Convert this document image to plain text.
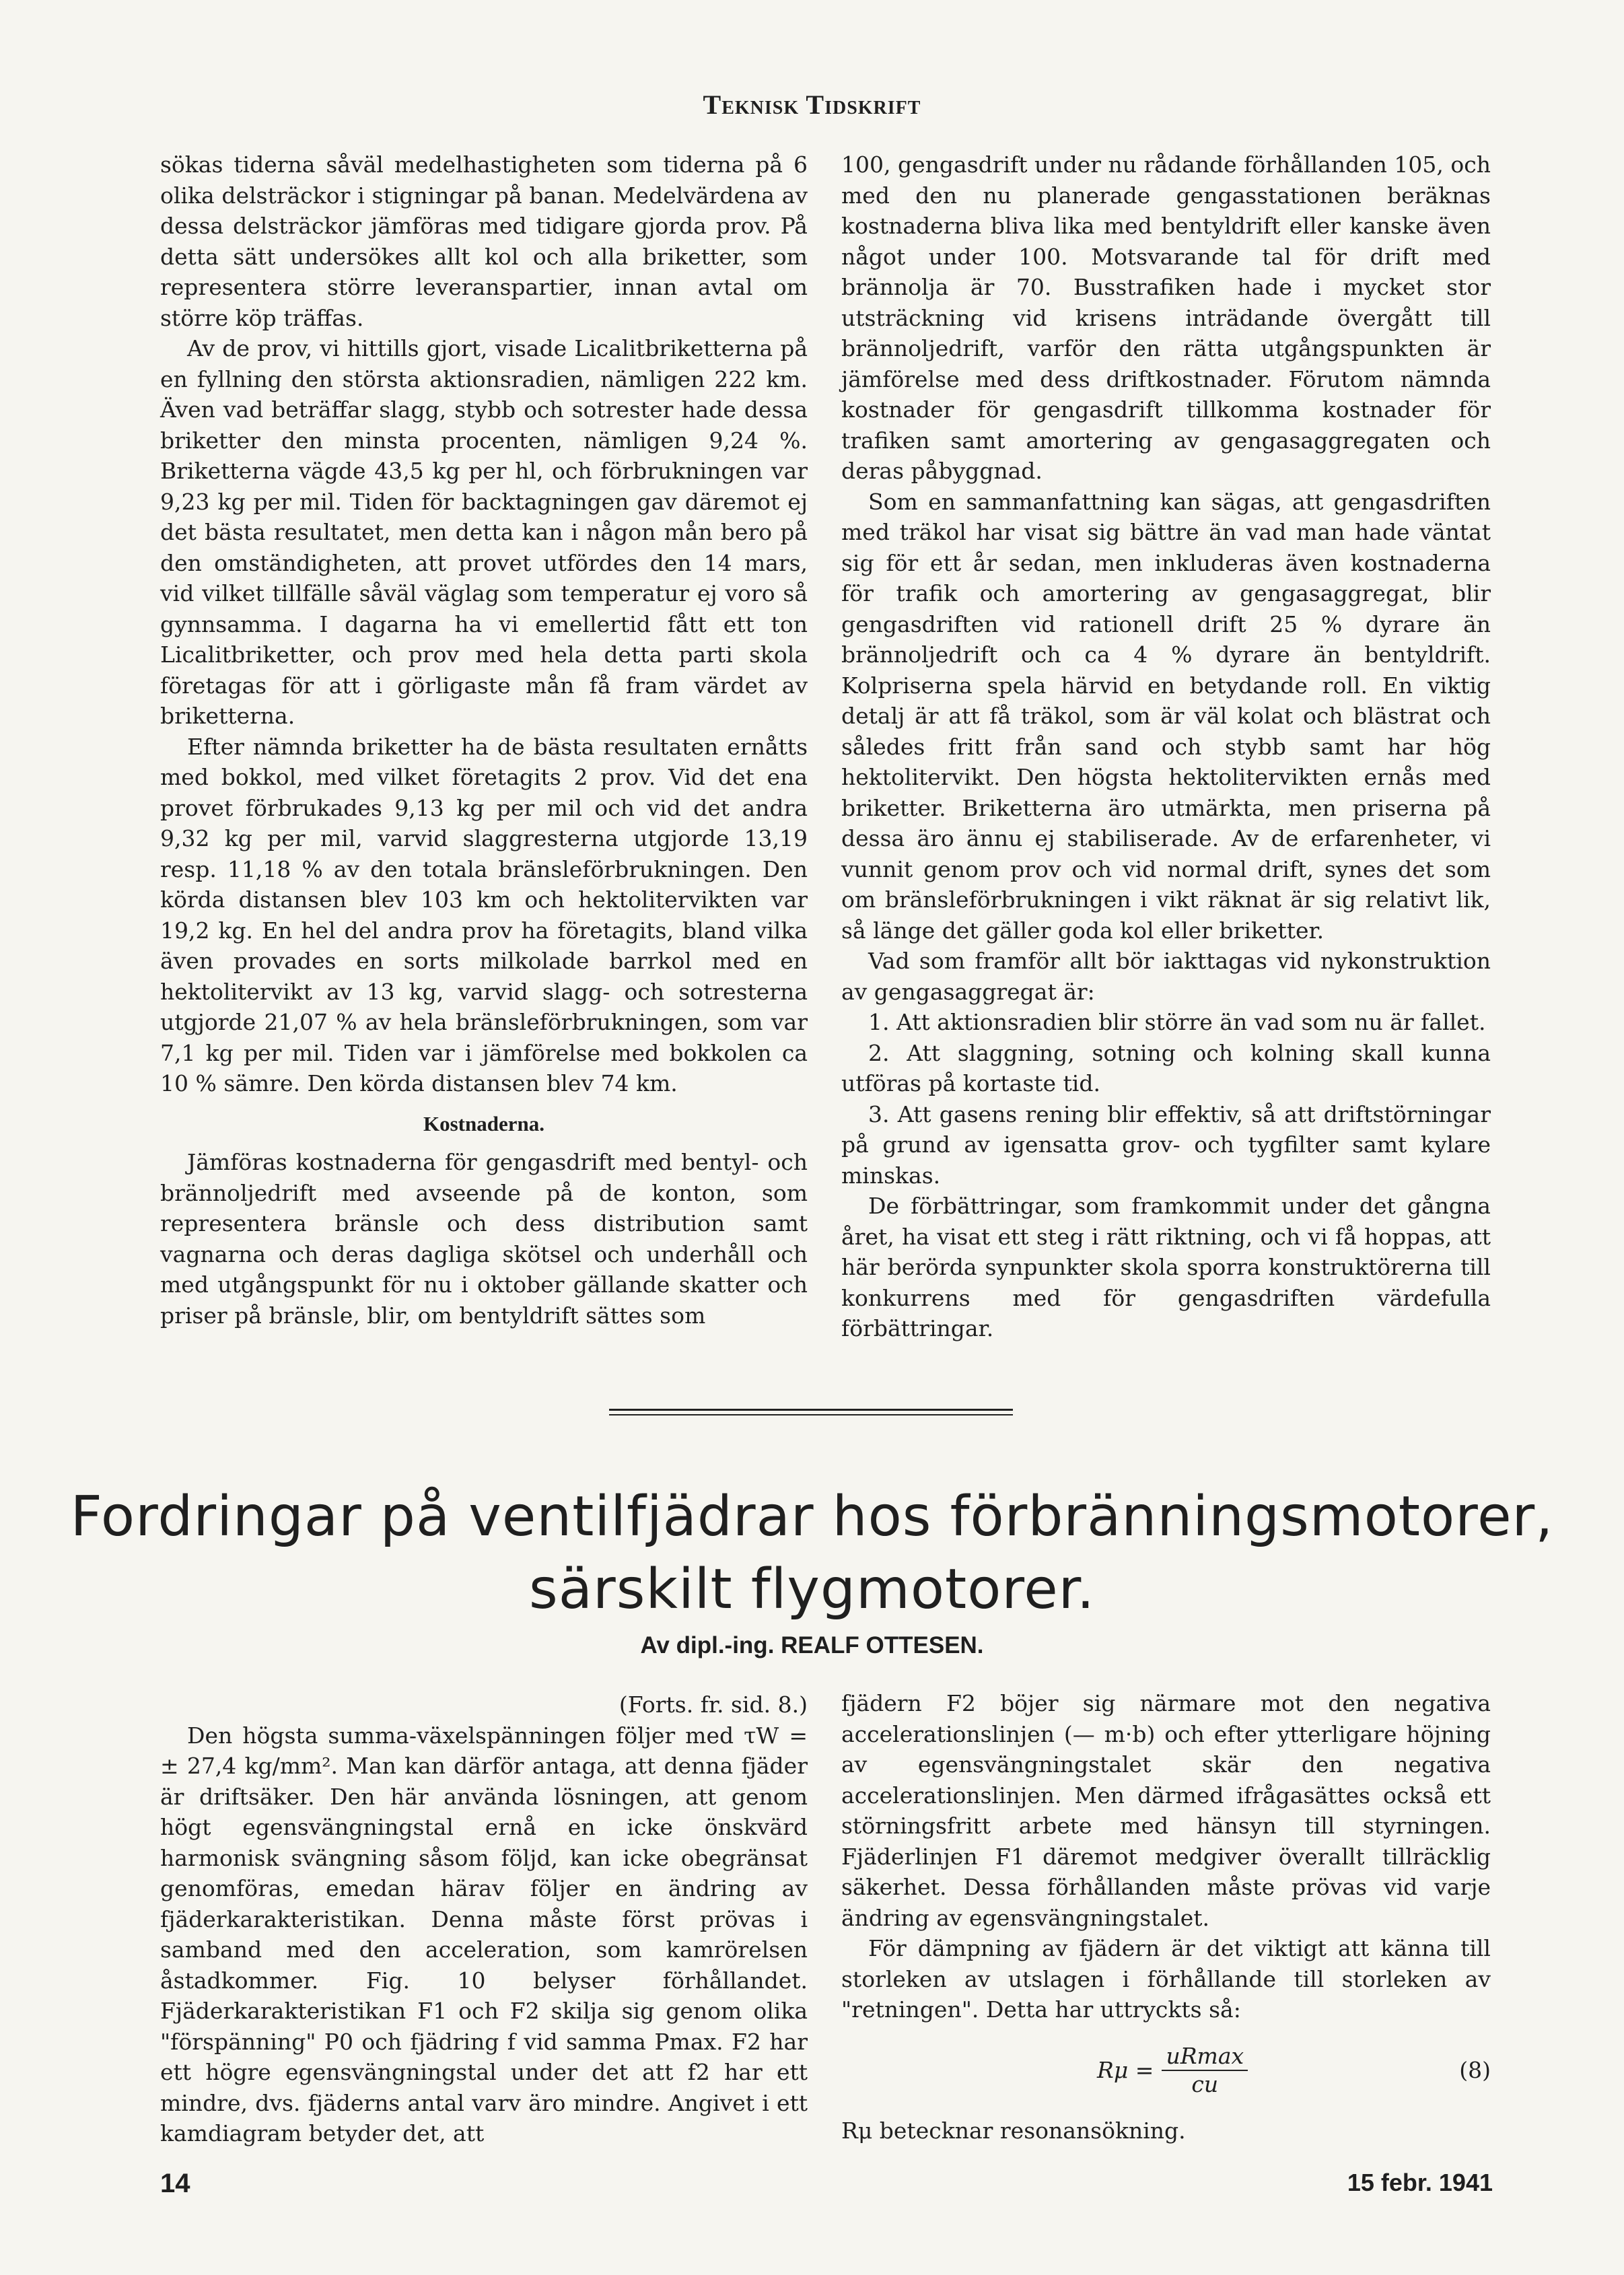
Teknisk Tidskrift

sökas tiderna såväl medelhastigheten som tiderna på 6 olika delsträckor i stigningar på banan. Medelvärdena av dessa delsträckor jämföras med tidigare gjorda prov. På detta sätt undersökes allt kol och alla briketter, som representera större leveranspartier, innan avtal om större köp träffas.

Av de prov, vi hittills gjort, visade Licalitbriketterna på en fyllning den största aktionsradien, nämligen 222 km. Även vad beträffar slagg, stybb och sotrester hade dessa briketter den minsta procenten, nämligen 9,24 %. Briketterna vägde 43,5 kg per hl, och förbrukningen var 9,23 kg per mil. Tiden för backtagningen gav däremot ej det bästa resultatet, men detta kan i någon mån bero på den omständigheten, att provet utfördes den 14 mars, vid vilket tillfälle såväl väglag som temperatur ej voro så gynnsamma. I dagarna ha vi emellertid fått ett ton Licalitbriketter, och prov med hela detta parti skola företagas för att i görligaste mån få fram värdet av briketterna.

Efter nämnda briketter ha de bästa resultaten ernåtts med bokkol, med vilket företagits 2 prov. Vid det ena provet förbrukades 9,13 kg per mil och vid det andra 9,32 kg per mil, varvid slaggresterna utgjorde 13,19 resp. 11,18 % av den totala bränsleförbrukningen. Den körda distansen blev 103 km och hektolitervikten var 19,2 kg. En hel del andra prov ha företagits, bland vilka även provades en sorts milkolade barrkol med en hektolitervikt av 13 kg, varvid slagg- och sotresterna utgjorde 21,07 % av hela bränsleförbrukningen, som var 7,1 kg per mil. Tiden var i jämförelse med bokkolen ca 10 % sämre. Den körda distansen blev 74 km.

Kostnaderna.

Jämföras kostnaderna för gengasdrift med bentyl- och brännoljedrift med avseende på de konton, som representera bränsle och dess distribution samt vagnarna och deras dagliga skötsel och underhåll och med utgångspunkt för nu i oktober gällande skatter och priser på bränsle, blir, om bentyldrift sättes som

100, gengasdrift under nu rådande förhållanden 105, och med den nu planerade gengasstationen beräknas kostnaderna bliva lika med bentyldrift eller kanske även något under 100. Motsvarande tal för drift med brännolja är 70. Busstrafiken hade i mycket stor utsträckning vid krisens inträdande övergått till brännoljedrift, varför den rätta utgångspunkten är jämförelse med dess driftkostnader. Förutom nämnda kostnader för gengasdrift tillkomma kostnader för trafiken samt amortering av gengasaggregaten och deras påbyggnad.

Som en sammanfattning kan sägas, att gengasdriften med träkol har visat sig bättre än vad man hade väntat sig för ett år sedan, men inkluderas även kostnaderna för trafik och amortering av gengasaggregat, blir gengasdriften vid rationell drift 25 % dyrare än brännoljedrift och ca 4 % dyrare än bentyldrift. Kolpriserna spela härvid en betydande roll. En viktig detalj är att få träkol, som är väl kolat och blästrat och således fritt från sand och stybb samt har hög hektolitervikt. Den högsta hektolitervikten ernås med briketter. Briketterna äro utmärkta, men priserna på dessa äro ännu ej stabiliserade. Av de erfarenheter, vi vunnit genom prov och vid normal drift, synes det som om bränsleförbrukningen i vikt räknat är sig relativt lik, så länge det gäller goda kol eller briketter.

Vad som framför allt bör iakttagas vid nykonstruktion av gengasaggregat är:

1. Att aktionsradien blir större än vad som nu är fallet.

2. Att slaggning, sotning och kolning skall kunna utföras på kortaste tid.

3. Att gasens rening blir effektiv, så att driftstörningar på grund av igensatta grov- och tygfilter samt kylare minskas.

De förbättringar, som framkommit under det gångna året, ha visat ett steg i rätt riktning, och vi få hoppas, att här berörda synpunkter skola sporra konstruktörerna till konkurrens med för gengasdriften värdefulla förbättringar.

Fordringar på ventilfjädrar hos förbränningsmotorer,
särskilt flygmotorer.
Av dipl.-ing. REALF OTTESEN.

(Forts. fr. sid. 8.)

Den högsta summa-växelspänningen följer med τW = ± 27,4 kg/mm². Man kan därför antaga, att denna fjäder är driftsäker. Den här använda lösningen, att genom högt egensvängningstal ernå en icke önskvärd harmonisk svängning såsom följd, kan icke obegränsat genomföras, emedan härav följer en ändring av fjäderkarakteristikan. Denna måste först prövas i samband med den acceleration, som kamrörelsen åstadkommer. Fig. 10 belyser förhållandet. Fjäderkarakteristikan F1 och F2 skilja sig genom olika "förspänning" P0 och fjädring f vid samma Pmax. F2 har ett högre egensvängningstal under det att f2 har ett mindre, dvs. fjäderns antal varv äro mindre. Angivet i ett kamdiagram betyder det, att

fjädern F2 böjer sig närmare mot den negativa accelerationslinjen (— m·b) och efter ytterligare höjning av egensvängningstalet skär den negativa accelerationslinjen. Men därmed ifrågasättes också ett störningsfritt arbete med hänsyn till styrningen. Fjäderlinjen F1 däremot medgiver överallt tillräcklig säkerhet. Dessa förhållanden måste prövas vid varje ändring av egensvängningstalet.

För dämpning av fjädern är det viktigt att känna till storleken av utslagen i förhållande till storleken av "retningen". Detta har uttryckts så:

Rμ =
uRmax
cu
(8)

Rμ betecknar resonansökning.

14	15 febr. 1941
